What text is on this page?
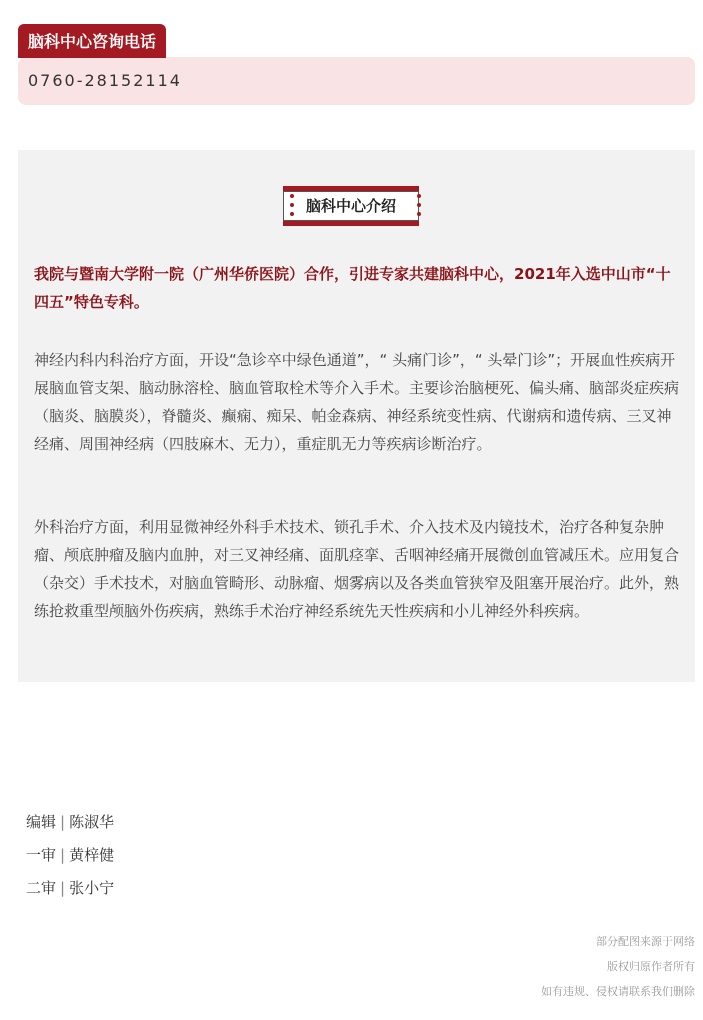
脑科中心咨询电话
0760-28152114
脑科中心介绍
我院与暨南大学附一院（广州华侨医院）合作，引进专家共建脑科中心，2021年入选中山市“十四五”特色专科。
神经内科内科治疗方面，开设“急诊卒中绿色通道”，“ 头痛门诊”，“ 头晕门诊”；开展血性疾病开展脑血管支架、脑动脉溶栓、脑血管取栓术等介入手术。主要诊治脑梗死、偏头痛、脑部炎症疾病（脑炎、脑膜炎），脊髓炎、癫痫、痴呆、帕金森病、神经系统变性病、代谢病和遗传病、三叉神经痛、周围神经病（四肢麻木、无力），重症肌无力等疾病诊断治疗。
外科治疗方面，利用显微神经外科手术技术、锁孔手术、介入技术及内镜技术，治疗各种复杂肿瘤、颅底肿瘤及脑内血肿，对三叉神经痛、面肌痉挛、舌咽神经痛开展微创血管减压术。应用复合（杂交）手术技术，对脑血管畸形、动脉瘤、烟雾病以及各类血管狭窄及阻塞开展治疗。此外，熟练抢救重型颅脑外伤疾病，熟练手术治疗神经系统先天性疾病和小儿神经外科疾病。
编辑 | 陈淑华
一审 | 黄梓健
二审 | 张小宁
部分配图来源于网络
版权归原作者所有
如有违规、侵权请联系我们删除
